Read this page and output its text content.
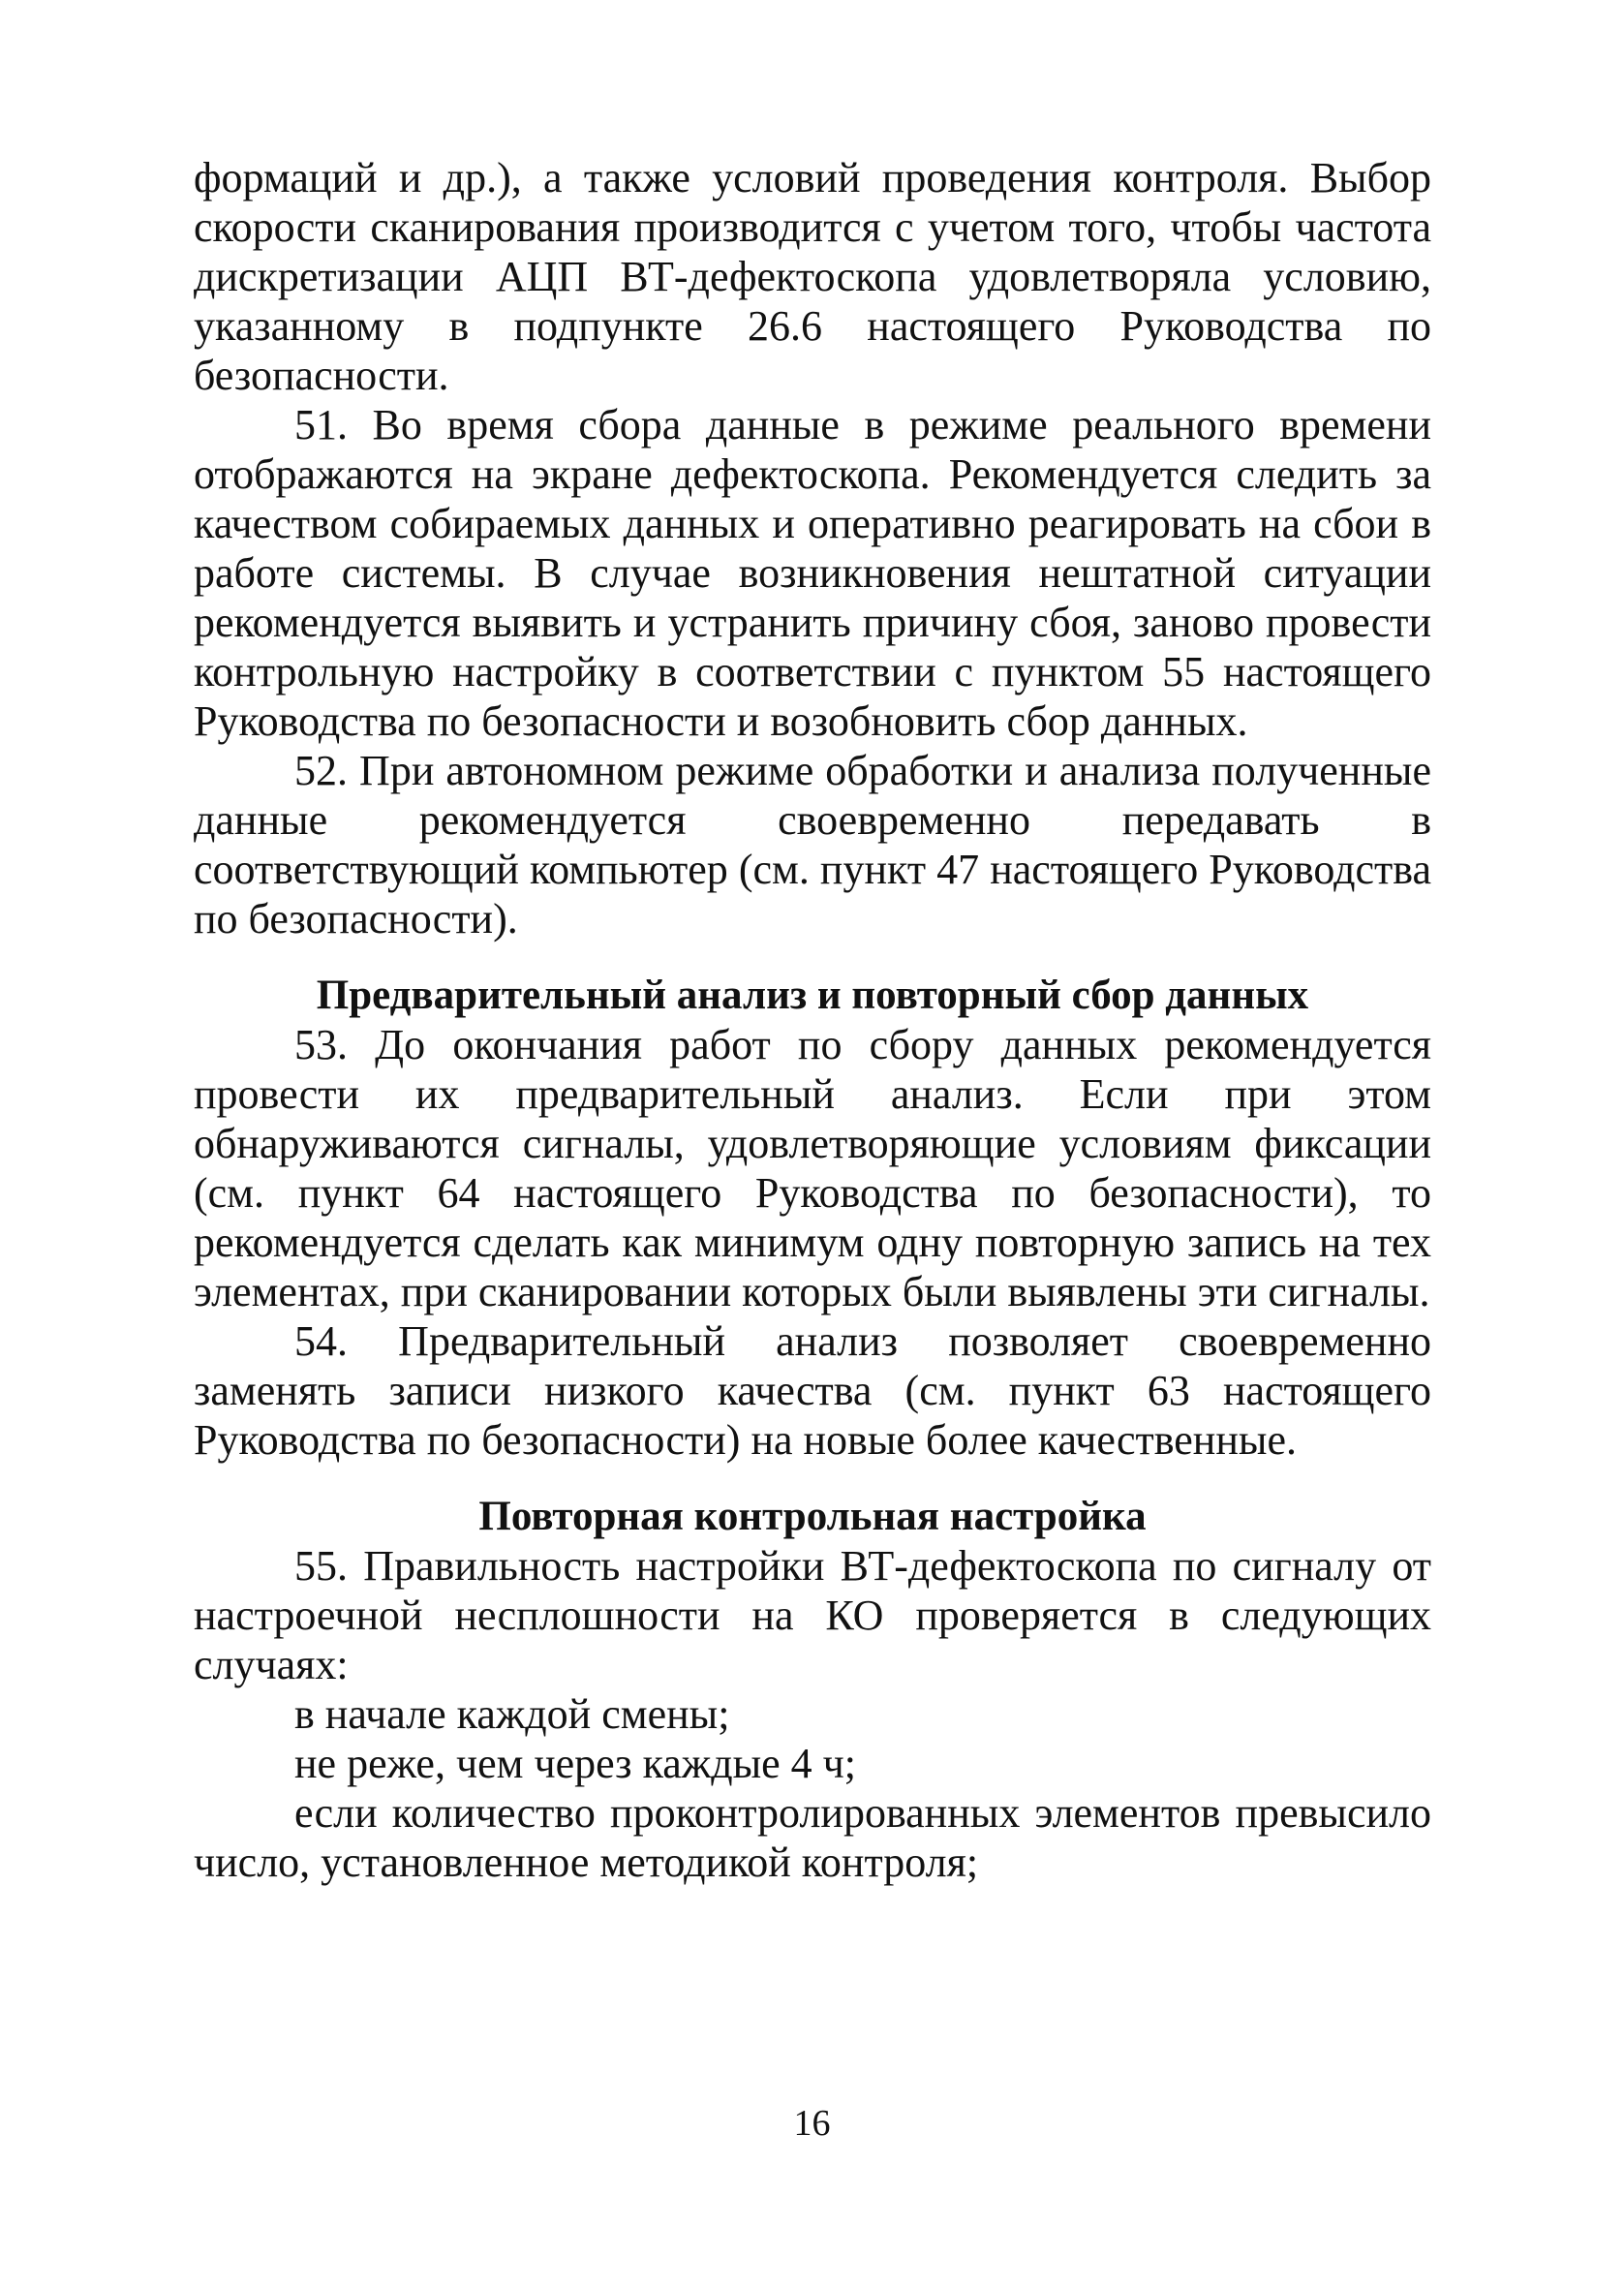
формаций и др.), а также условий проведения контроля. Выбор скорости сканирования производится с учетом того, чтобы частота дискретизации АЦП ВТ-дефектоскопа удовлетворяла условию, указанному в подпункте 26.6 настоящего Руководства по безопасности.

51. Во время сбора данные в режиме реального времени отображаются на экране дефектоскопа. Рекомендуется следить за качеством собираемых данных и оперативно реагировать на сбои в работе системы. В случае возникновения нештатной ситуации рекомендуется выявить и устранить причину сбоя, заново провести контрольную настройку в соответствии с пунктом 55 настоящего Руководства по безопасности и возобновить сбор данных.

52. При автономном режиме обработки и анализа полученные данные рекомендуется своевременно передавать в соответствующий компьютер (см. пункт 47 настоящего Руководства по безопасности).

Предварительный анализ и повторный сбор данных

53. До окончания работ по сбору данных рекомендуется провести их предварительный анализ. Если при этом обнаруживаются сигналы, удовлетворяющие условиям фиксации (см. пункт 64 настоящего Руководства по безопасности), то рекомендуется сделать как минимум одну повторную запись на тех элементах, при сканировании которых были выявлены эти сигналы.

54. Предварительный анализ позволяет своевременно заменять записи низкого качества (см. пункт 63 настоящего Руководства по безопасности) на новые более качественные.

Повторная контрольная настройка

55. Правильность настройки ВТ-дефектоскопа по сигналу от настроечной несплошности на КО проверяется в следующих случаях:

в начале каждой смены;

не реже, чем через каждые 4 ч;

если количество проконтролированных элементов превысило число, установленное методикой контроля;

16
